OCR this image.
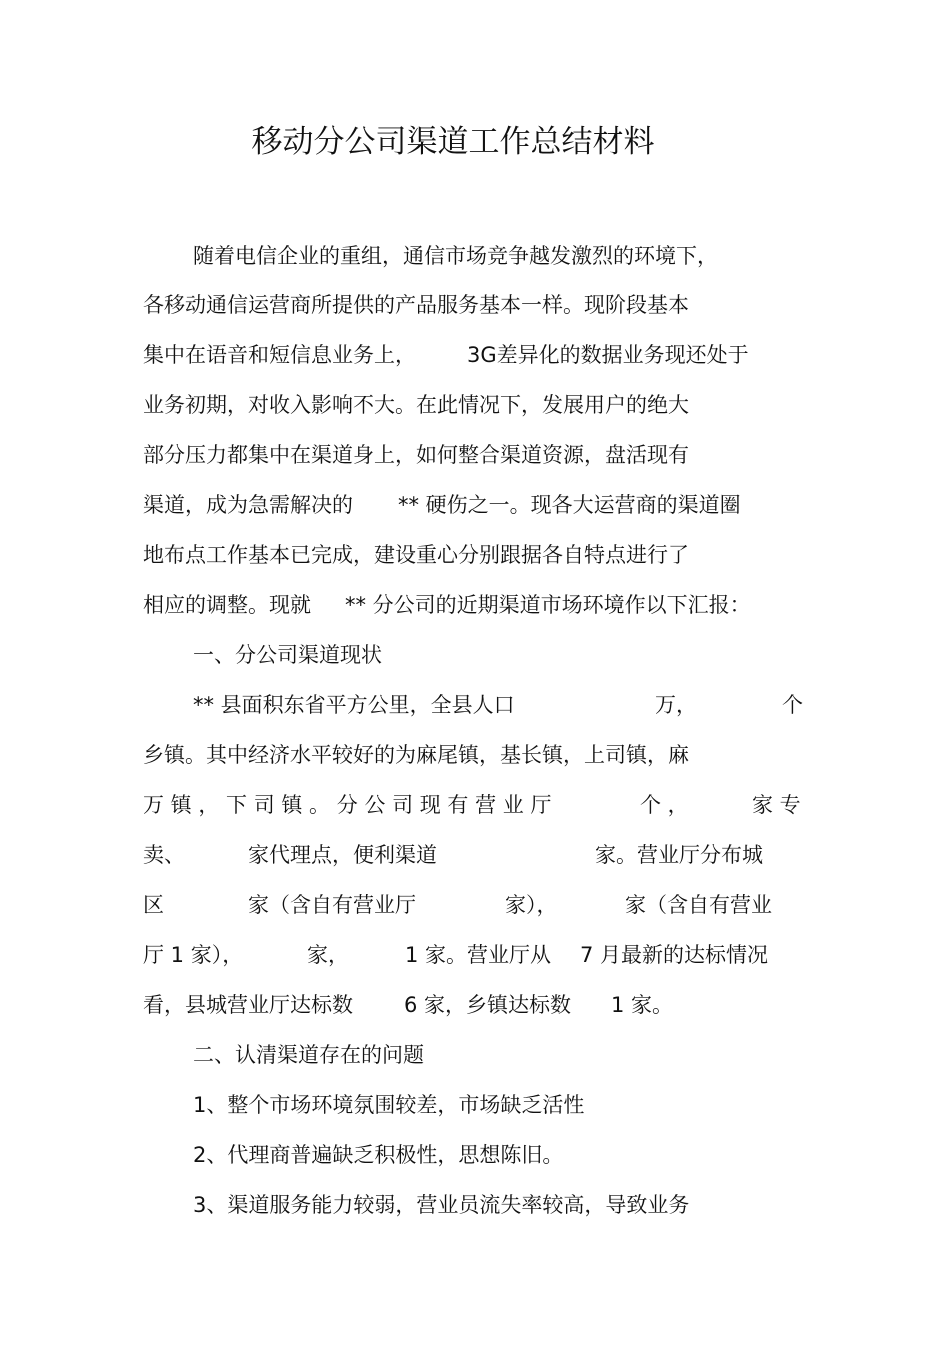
移动分公司渠道工作总结材料
随着电信企业的重组，通信市场竞争越发激烈的环境下，
各移动通信运营商所提供的产品服务基本一样。现阶段基本
集中在语音和短信息业务上， 3G差异化的数据业务现还处于
业务初期，对收入影响不大。在此情况下，发展用户的绝大
部分压力都集中在渠道身上，如何整合渠道资源，盘活现有
渠道，成为急需解决的 ** 硬伤之一。现各大运营商的渠道圈
地布点工作基本已完成，建设重心分别跟据各自特点进行了
相应的调整。现就 ** 分公司的近期渠道市场环境作以下汇报：
一、分公司渠道现状
** 县面积东省平方公里，全县人口	万，	个
乡镇。其中经济水平较好的为麻尾镇，基长镇，上司镇，麻
万 镇 ， 下 司 镇 。 分 公 司 现 有 营 业 厅	个 ，	家 专
卖、	家代理点，便利渠道	家。营业厅分布城
区	家（含自有营业厅	家），	家（含自有营业
厅 1 家），	家，	1 家。营业厅从 7 月最新的达标情况
看，县城营业厅达标数 6 家，乡镇达标数 1 家。
二、认清渠道存在的问题
1、整个市场环境氛围较差，市场缺乏活性
2、代理商普遍缺乏积极性，思想陈旧。
3、渠道服务能力较弱，营业员流失率较高，导致业务
